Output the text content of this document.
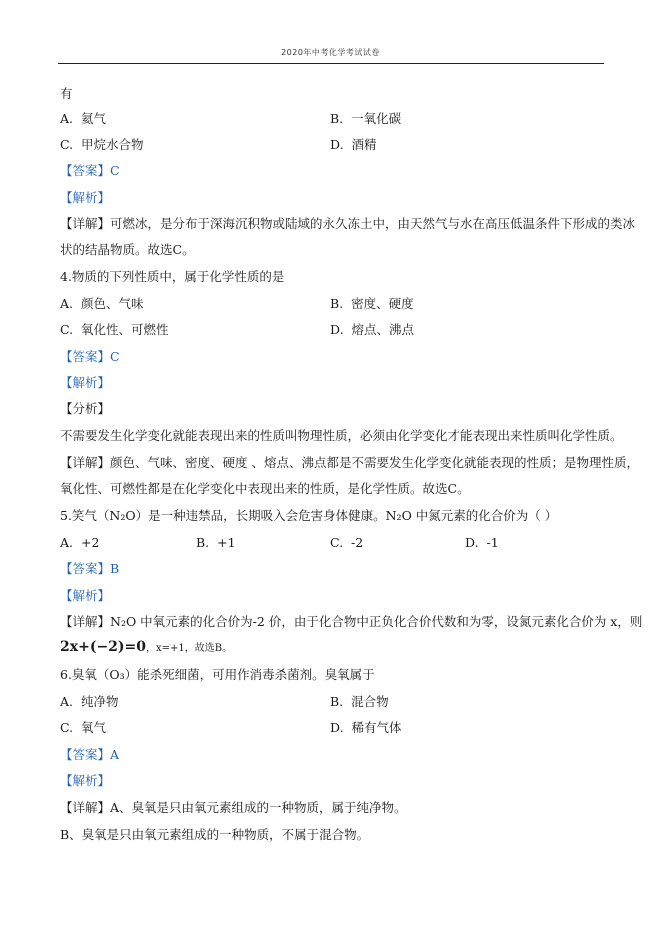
2020年中考化学考试试卷
有
A. 氦气	B. 一氧化碳
C. 甲烷水合物	D. 酒精
【答案】C
【解析】
【详解】可燃冰，是分布于深海沉积物或陆域的永久冻土中，由天然气与水在高压低温条件下形成的类冰
状的结晶物质。故选C。
4.物质的下列性质中，属于化学性质的是
A. 颜色、气味	B. 密度、硬度
C. 氧化性、可燃性	D. 熔点、沸点
【答案】C
【解析】
【分析】
不需要发生化学变化就能表现出来的性质叫物理性质，必须由化学变化才能表现出来性质叫化学性质。
【详解】颜色、气味、密度、硬度 、熔点、沸点都是不需要发生化学变化就能表现的性质；是物理性质，
氧化性、可燃性都是在化学变化中表现出来的性质，是化学性质。故选C。
5.笑气（N₂O）是一种违禁品，长期吸入会危害身体健康。N₂O 中氮元素的化合价为（ ）
A. +2	B. +1	C. -2	D. -1
【答案】B
【解析】
【详解】N₂O 中氧元素的化合价为-2 价，由于化合物中正负化合价代数和为零，设氮元素化合价为 x，则
2x+(−2)=0，x=+1，故选B。
6.臭氧（O₃）能杀死细菌，可用作消毒杀菌剂。臭氧属于
A. 纯净物	B. 混合物
C. 氧气	D. 稀有气体
【答案】A
【解析】
【详解】A、臭氧是只由氧元素组成的一种物质，属于纯净物。
B、臭氧是只由氧元素组成的一种物质，不属于混合物。
